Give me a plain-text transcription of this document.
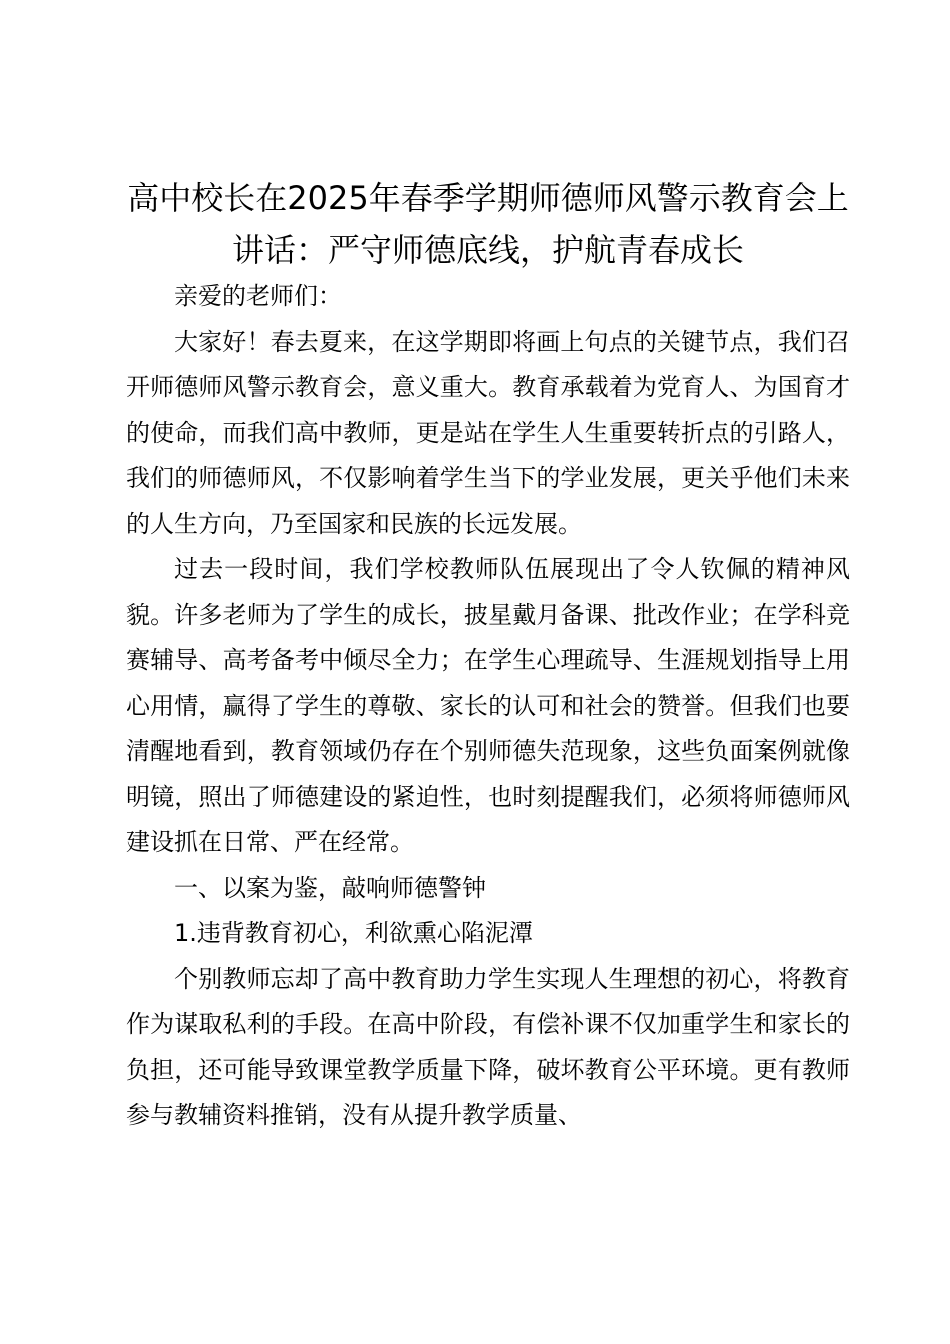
高中校长在2025年春季学期师德师风警示教育会上讲话：严守师德底线，护航青春成长

亲爱的老师们：

大家好！春去夏来，在这学期即将画上句点的关键节点，我们召开师德师风警示教育会，意义重大。教育承载着为党育人、为国育才的使命，而我们高中教师，更是站在学生人生重要转折点的引路人，我们的师德师风，不仅影响着学生当下的学业发展，更关乎他们未来的人生方向，乃至国家和民族的长远发展。

过去一段时间，我们学校教师队伍展现出了令人钦佩的精神风貌。许多老师为了学生的成长，披星戴月备课、批改作业；在学科竞赛辅导、高考备考中倾尽全力；在学生心理疏导、生涯规划指导上用心用情，赢得了学生的尊敬、家长的认可和社会的赞誉。但我们也要清醒地看到，教育领域仍存在个别师德失范现象，这些负面案例就像明镜，照出了师德建设的紧迫性，也时刻提醒我们，必须将师德师风建设抓在日常、严在经常。

一、以案为鉴，敲响师德警钟

1.违背教育初心，利欲熏心陷泥潭

个别教师忘却了高中教育助力学生实现人生理想的初心，将教育作为谋取私利的手段。在高中阶段，有偿补课不仅加重学生和家长的负担，还可能导致课堂教学质量下降，破坏教育公平环境。更有教师参与教辅资料推销，没有从提升教学质量、
